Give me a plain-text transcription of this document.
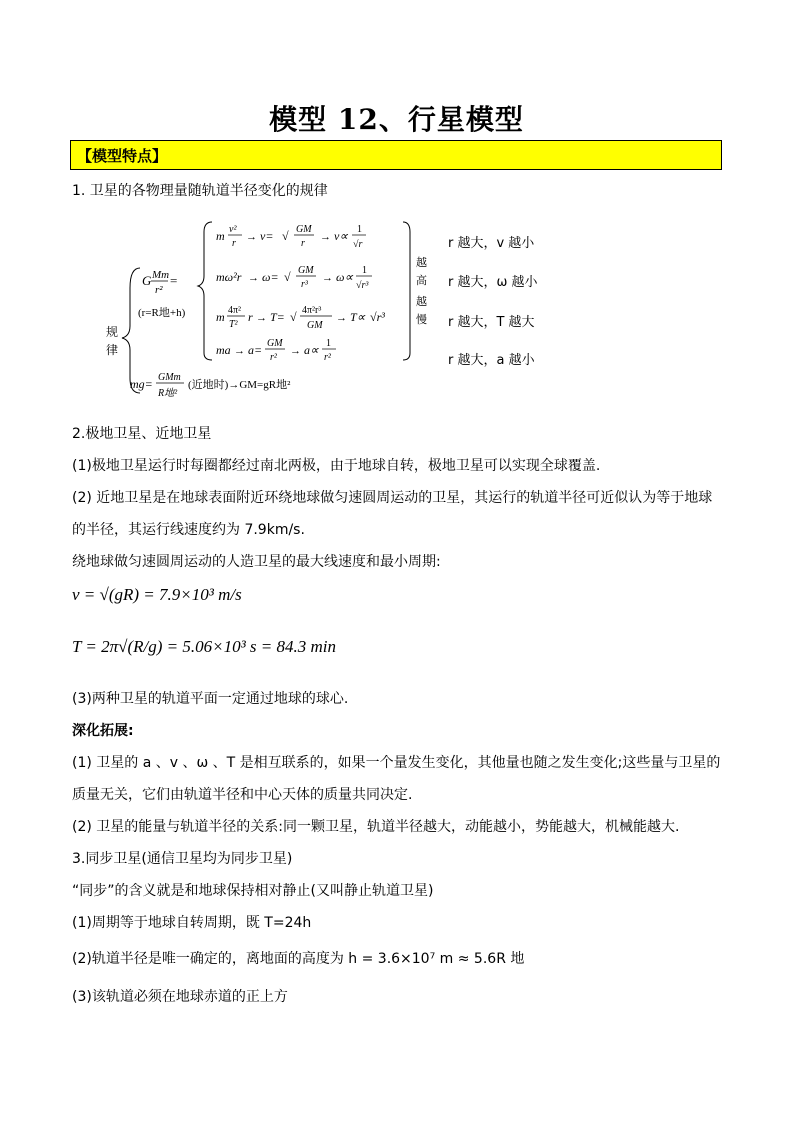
模型 12、行星模型
【模型特点】
1. 卫星的各物理量随轨道半径变化的规律
规
律
G Mm
r²
=
(r=R地+h)
m v²
r
→ v= √ GM
r
→ v∝ 1
√r
mω²r → ω= √ GM
r³
→ ω∝ 1
√r³
m 4π²
T²
r → T= √ 4π²r³
GM
→ T∝ √r³
ma → a= GM
r²
→ a∝ 1
r²
越
高
越
慢
mg= GMm
R地²
(近地时)→GM=gR地²
r 越大，v 越小
r 越大，ω 越小
r 越大，T 越大
r 越大，a 越小
2.极地卫星、近地卫星
(1)极地卫星运行时每圈都经过南北两极，由于地球自转，极地卫星可以实现全球覆盖.
(2) 近地卫星是在地球表面附近环绕地球做匀速圆周运动的卫星，其运行的轨道半径可近似认为等于地球
的半径，其运行线速度约为 7.9km/s.
绕地球做匀速圆周运动的人造卫星的最大线速度和最小周期:
v = √(gR) = 7.9×10³ m/s
T = 2π√(R/g) = 5.06×10³ s = 84.3 min
(3)两种卫星的轨道平面一定通过地球的球心.
深化拓展:
(1) 卫星的 a 、v 、ω 、T 是相互联系的，如果一个量发生变化，其他量也随之发生变化;这些量与卫星的
质量无关，它们由轨道半径和中心天体的质量共同决定.
(2) 卫星的能量与轨道半径的关系:同一颗卫星，轨道半径越大，动能越小，势能越大，机械能越大.
3.同步卫星(通信卫星均为同步卫星)
“同步”的含义就是和地球保持相对静止(又叫静止轨道卫星)
(1)周期等于地球自转周期，既 T=24h
(2)轨道半径是唯一确定的，离地面的高度为 h = 3.6×10⁷ m ≈ 5.6R 地
(3)该轨道必须在地球赤道的正上方
